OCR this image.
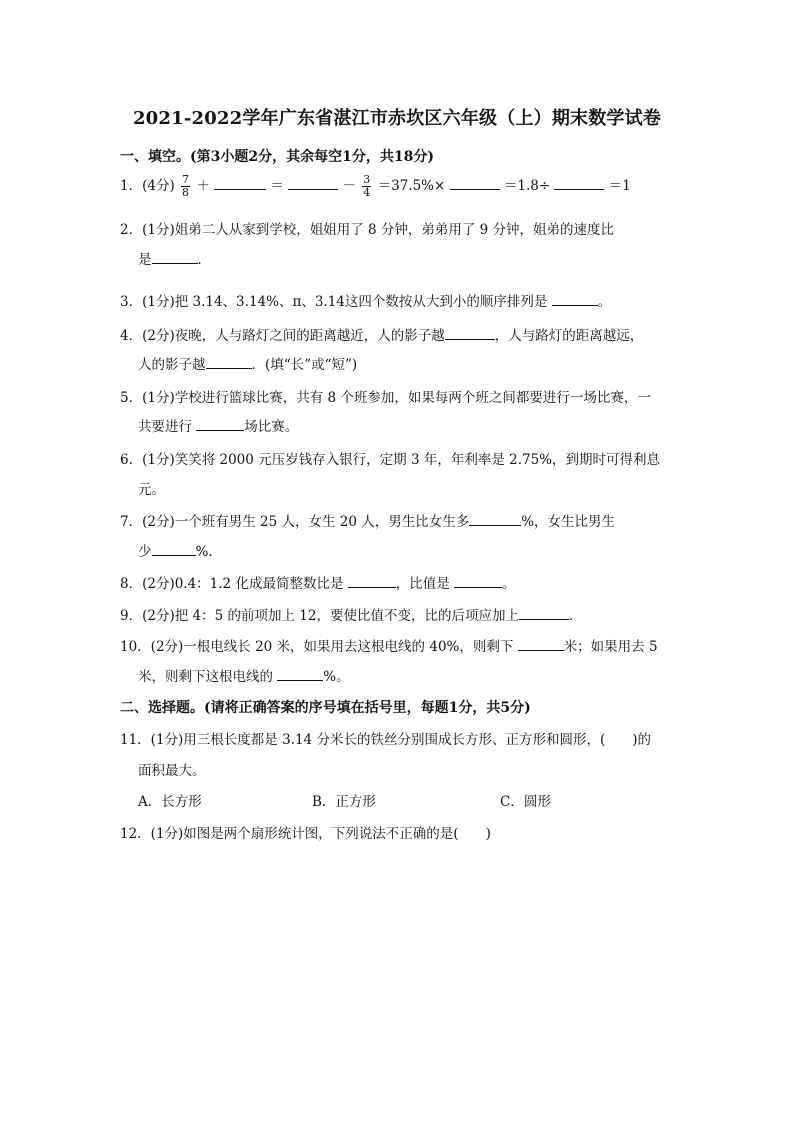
2021-2022学年广东省湛江市赤坎区六年级（上）期末数学试卷
一、填空。(第3小题2分，其余每空1分，共18分)
1．(4分) $\frac{7}{8}$ ＋	＝	－ $\frac{3}{4} =37.5\%\times$	＝1.8÷	＝1
2．(1分)姐弟二人从家到学校，姐姐用了 8 分钟，弟弟用了 9 分钟，姐弟的速度比
是	．
3．(1分)把 3.14、3.14%、π、3.14这四个数按从大到小的顺序排列是	。
4．(2分)夜晚，人与路灯之间的距离越近，人的影子越	，人与路灯的距离越远，
人的影子越	．(填“长”或“短”)
5．(1分)学校进行篮球比赛，共有 8 个班参加，如果每两个班之间都要进行一场比赛，一
共要进行	场比赛。
6．(1分)笑笑将 2000 元压岁钱存入银行，定期 3 年，年利率是 2.75%，到期时可得利息
元。
7．(2分)一个班有男生 25 人，女生 20 人，男生比女生多	%，女生比男生
少	%．
8．(2分)0.4：1.2 化成最简整数比是	，比值是	。
9．(2分)把 4：5 的前项加上 12，要使比值不变，比的后项应加上	．
10．(2分)一根电线长 20 米，如果用去这根电线的 40%，则剩下	米；如果用去 5
米，则剩下这根电线的	%。
二、选择题。(请将正确答案的序号填在括号里，每题1分，共5分)
11．(1分)用三根长度都是 3.14 分米长的铁丝分别围成长方形、正方形和圆形，(　　)的
面积最大。
A．长方形	B．正方形	C．圆形
12．(1分)如图是两个扇形统计图，下列说法不正确的是(　　)
